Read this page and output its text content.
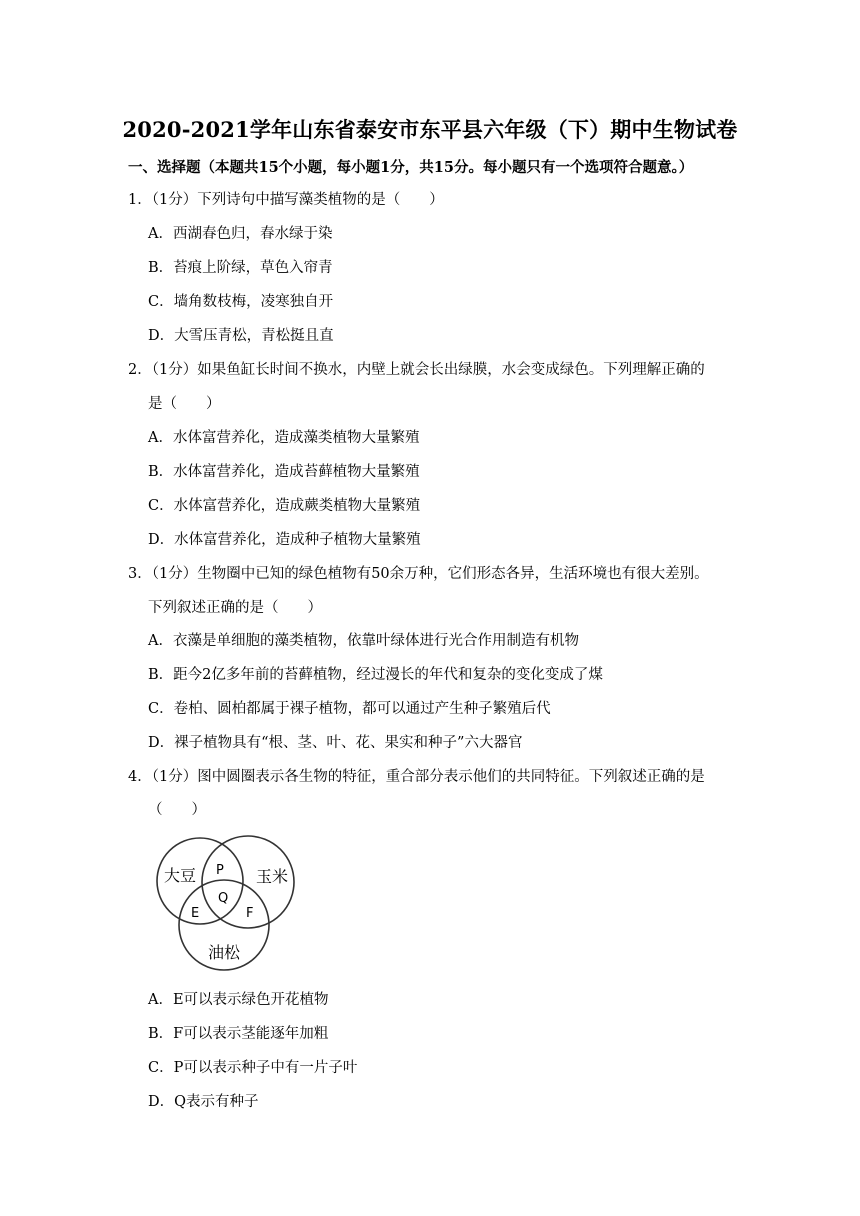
2020-2021学年山东省泰安市东平县六年级（下）期中生物试卷
一、选择题（本题共15个小题，每小题1分，共15分。每小题只有一个选项符合题意。）
1．（1分）下列诗句中描写藻类植物的是（　　）
A．西湖春色归，春水绿于染
B．苔痕上阶绿，草色入帘青
C．墙角数枝梅，凌寒独自开
D．大雪压青松，青松挺且直
2．（1分）如果鱼缸长时间不换水，内壁上就会长出绿膜，水会变成绿色。下列理解正确的
是（　　）
A．水体富营养化，造成藻类植物大量繁殖
B．水体富营养化，造成苔藓植物大量繁殖
C．水体富营养化，造成蕨类植物大量繁殖
D．水体富营养化，造成种子植物大量繁殖
3．（1分）生物圈中已知的绿色植物有50余万种，它们形态各异，生活环境也有很大差别。
下列叙述正确的是（　　）
A．衣藻是单细胞的藻类植物，依靠叶绿体进行光合作用制造有机物
B．距今2亿多年前的苔藓植物，经过漫长的年代和复杂的变化变成了煤
C．卷柏、圆柏都属于裸子植物，都可以通过产生种子繁殖后代
D．裸子植物具有“根、茎、叶、花、果实和种子”六大器官
4．（1分）图中圆圈表示各生物的特征，重合部分表示他们的共同特征。下列叙述正确的是
（　　）
大豆	玉米
油松
P
Q
E	F
A．E可以表示绿色开花植物
B．F可以表示茎能逐年加粗
C．P可以表示种子中有一片子叶
D．Q表示有种子
